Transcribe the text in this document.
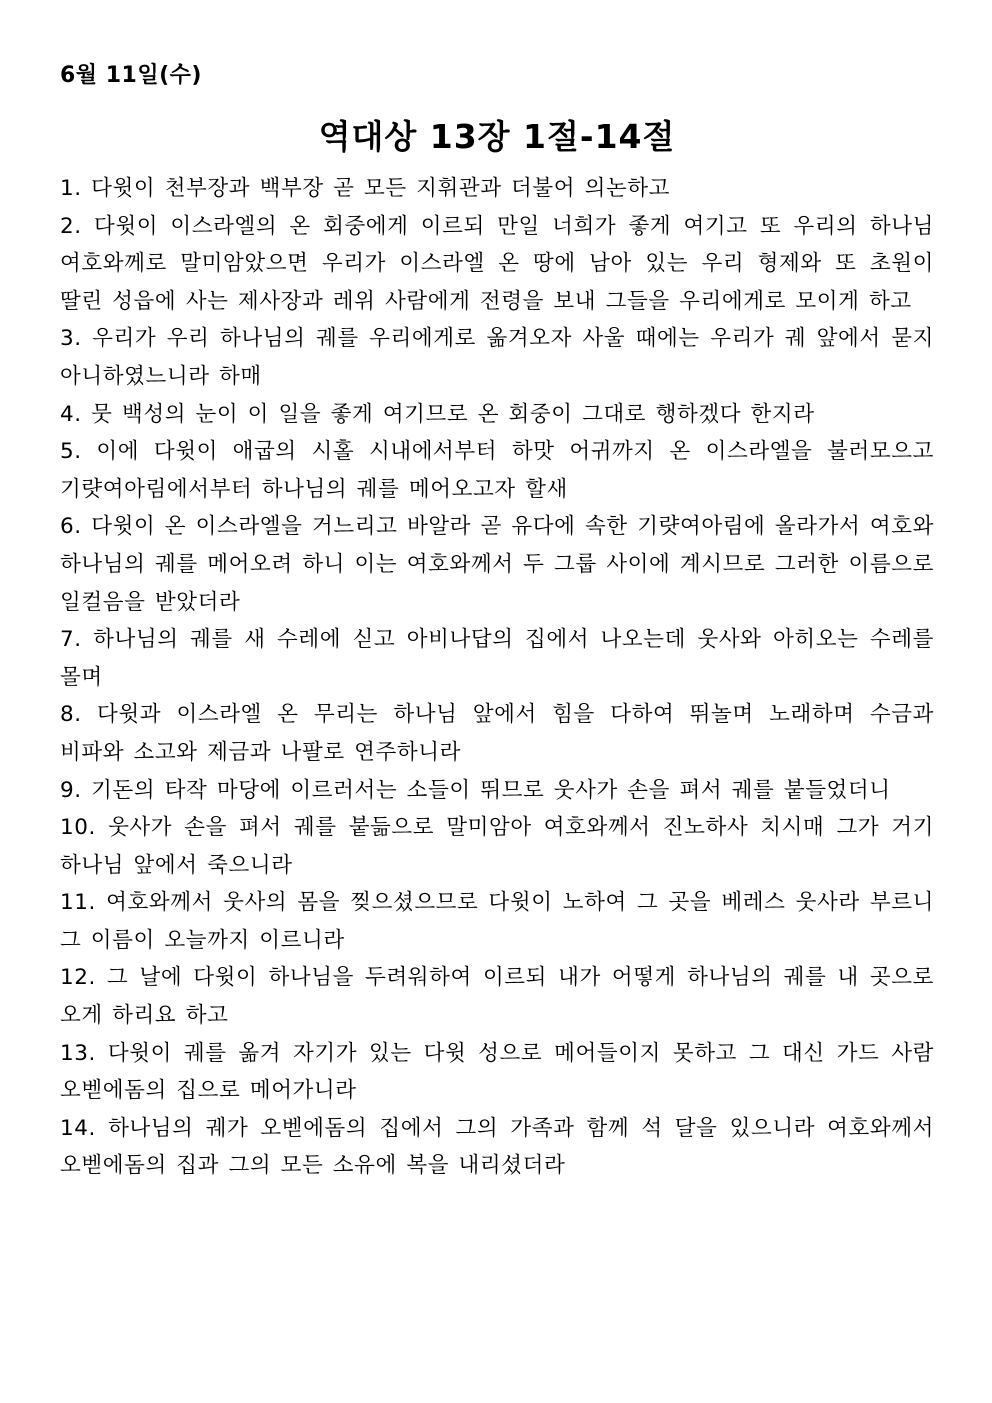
6월 11일(수)
역대상 13장 1절-14절

1. 다윗이 천부장과 백부장 곧 모든 지휘관과 더불어 의논하고

2. 다윗이 이스라엘의 온 회중에게 이르되 만일 너희가 좋게 여기고 또 우리의 하나님 여호와께로 말미암았으면 우리가 이스라엘 온 땅에 남아 있는 우리 형제와 또 초원이 딸린 성읍에 사는 제사장과 레위 사람에게 전령을 보내 그들을 우리에게로 모이게 하고

3. 우리가 우리 하나님의 궤를 우리에게로 옮겨오자 사울 때에는 우리가 궤 앞에서 묻지 아니하였느니라 하매

4. 뭇 백성의 눈이 이 일을 좋게 여기므로 온 회중이 그대로 행하겠다 한지라

5. 이에 다윗이 애굽의 시홀 시내에서부터 하맛 어귀까지 온 이스라엘을 불러모으고 기럇여아림에서부터 하나님의 궤를 메어오고자 할새

6. 다윗이 온 이스라엘을 거느리고 바알라 곧 유다에 속한 기럇여아림에 올라가서 여호와 하나님의 궤를 메어오려 하니 이는 여호와께서 두 그룹 사이에 계시므로 그러한 이름으로 일컬음을 받았더라

7. 하나님의 궤를 새 수레에 싣고 아비나답의 집에서 나오는데 웃사와 아히오는 수레를 몰며

8. 다윗과 이스라엘 온 무리는 하나님 앞에서 힘을 다하여 뛰놀며 노래하며 수금과 비파와 소고와 제금과 나팔로 연주하니라

9. 기돈의 타작 마당에 이르러서는 소들이 뛰므로 웃사가 손을 펴서 궤를 붙들었더니

10. 웃사가 손을 펴서 궤를 붙듦으로 말미암아 여호와께서 진노하사 치시매 그가 거기 하나님 앞에서 죽으니라

11. 여호와께서 웃사의 몸을 찢으셨으므로 다윗이 노하여 그 곳을 베레스 웃사라 부르니 그 이름이 오늘까지 이르니라

12. 그 날에 다윗이 하나님을 두려워하여 이르되 내가 어떻게 하나님의 궤를 내 곳으로 오게 하리요 하고

13. 다윗이 궤를 옮겨 자기가 있는 다윗 성으로 메어들이지 못하고 그 대신 가드 사람 오벧에돔의 집으로 메어가니라

14. 하나님의 궤가 오벧에돔의 집에서 그의 가족과 함께 석 달을 있으니라 여호와께서 오벧에돔의 집과 그의 모든 소유에 복을 내리셨더라
